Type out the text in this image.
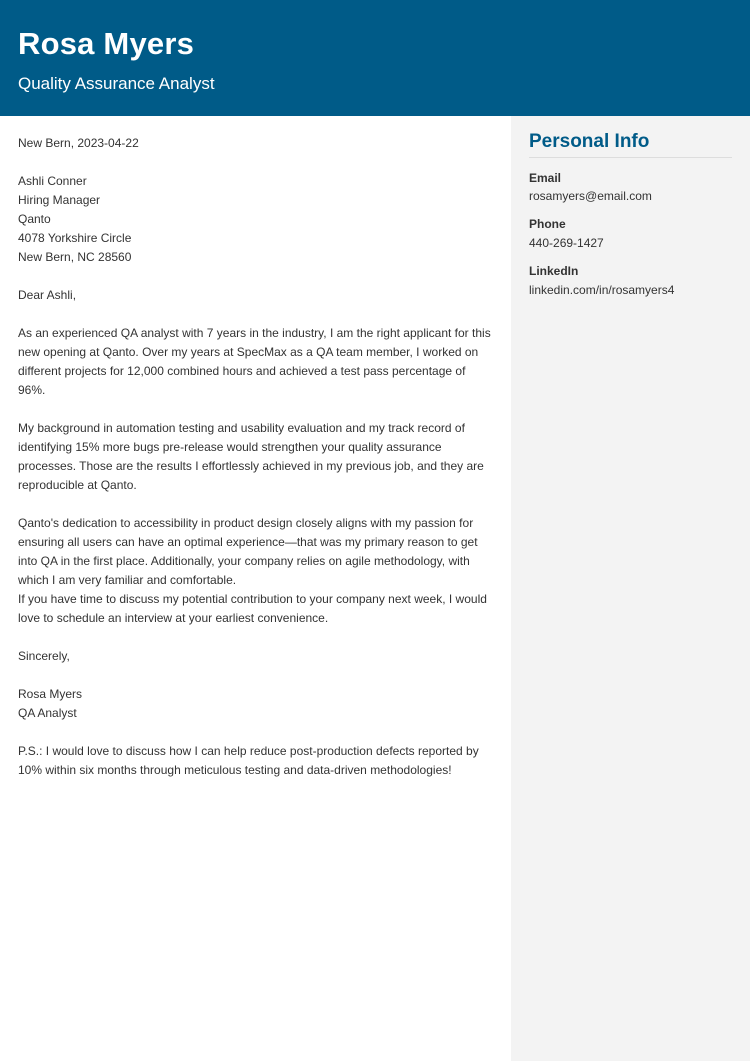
Rosa Myers
Quality Assurance Analyst

New Bern, 2023-04-22

Ashli Conner
Hiring Manager
Qanto
4078 Yorkshire Circle
New Bern, NC 28560

Dear Ashli,

As an experienced QA analyst with 7 years in the industry, I am the right applicant for this new opening at Qanto. Over my years at SpecMax as a QA team member, I worked on different projects for 12,000 combined hours and achieved a test pass percentage of 96%.

My background in automation testing and usability evaluation and my track record of identifying 15% more bugs pre-release would strengthen your quality assurance processes. Those are the results I effortlessly achieved in my previous job, and they are reproducible at Qanto.

Qanto's dedication to accessibility in product design closely aligns with my passion for ensuring all users can have an optimal experience—that was my primary reason to get into QA in the first place. Additionally, your company relies on agile methodology, with which I am very familiar and comfortable.
If you have time to discuss my potential contribution to your company next week, I would love to schedule an interview at your earliest convenience.

Sincerely,

Rosa Myers
QA Analyst

P.S.: I would love to discuss how I can help reduce post-production defects reported by 10% within six months through meticulous testing and data-driven methodologies!

Personal Info
Email
rosamyers@email.com
Phone
440-269-1427
LinkedIn
linkedin.com/in/rosamyers4
